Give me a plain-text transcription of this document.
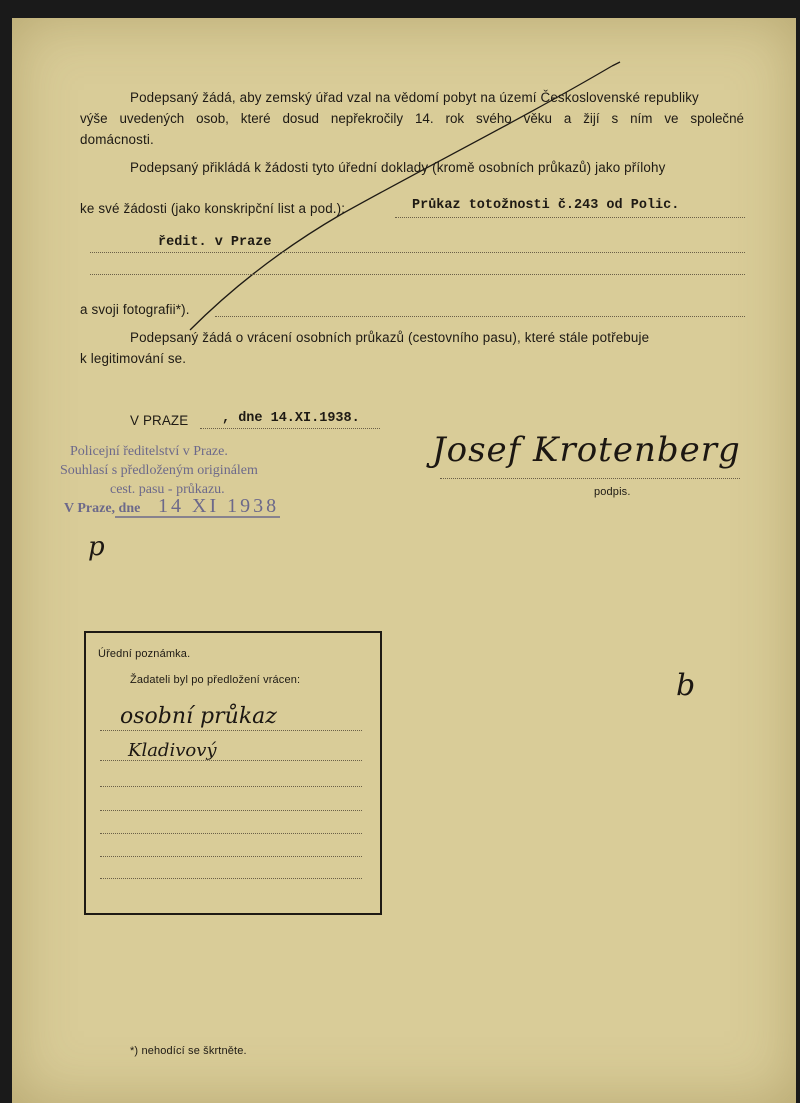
Podepsaný žádá, aby zemský úřad vzal na vědomí pobyt na území Československé republiky
výše uvedených osob, které dosud nepřekročily 14. rok svého věku a žijí s ním ve společné
domácnosti.
Podepsaný přikládá k žádosti tyto úřední doklady (kromě osobních průkazů) jako přílohy
ke své žádosti (jako konskripční list a pod.):	Průkaz totožnosti č.243 od Polic.
ředit. v Praze
a svoji fotografii*).
Podepsaný žádá o vrácení osobních průkazů (cestovního pasu), které stále potřebuje
k legitimování se.
V PRAZE , dne 14.XI.1938.
Josef Krotenberg
podpis.
Policejní ředitelství v Praze.
Souhlasí s předloženým originálem
cest. pasu - průkazu.
V Praze, dne 14 XI 1938
p
b
Úřední poznámka.
Žadateli byl po předložení vrácen:
osobní průkaz
Kladivový
*) nehodící se škrtněte.
